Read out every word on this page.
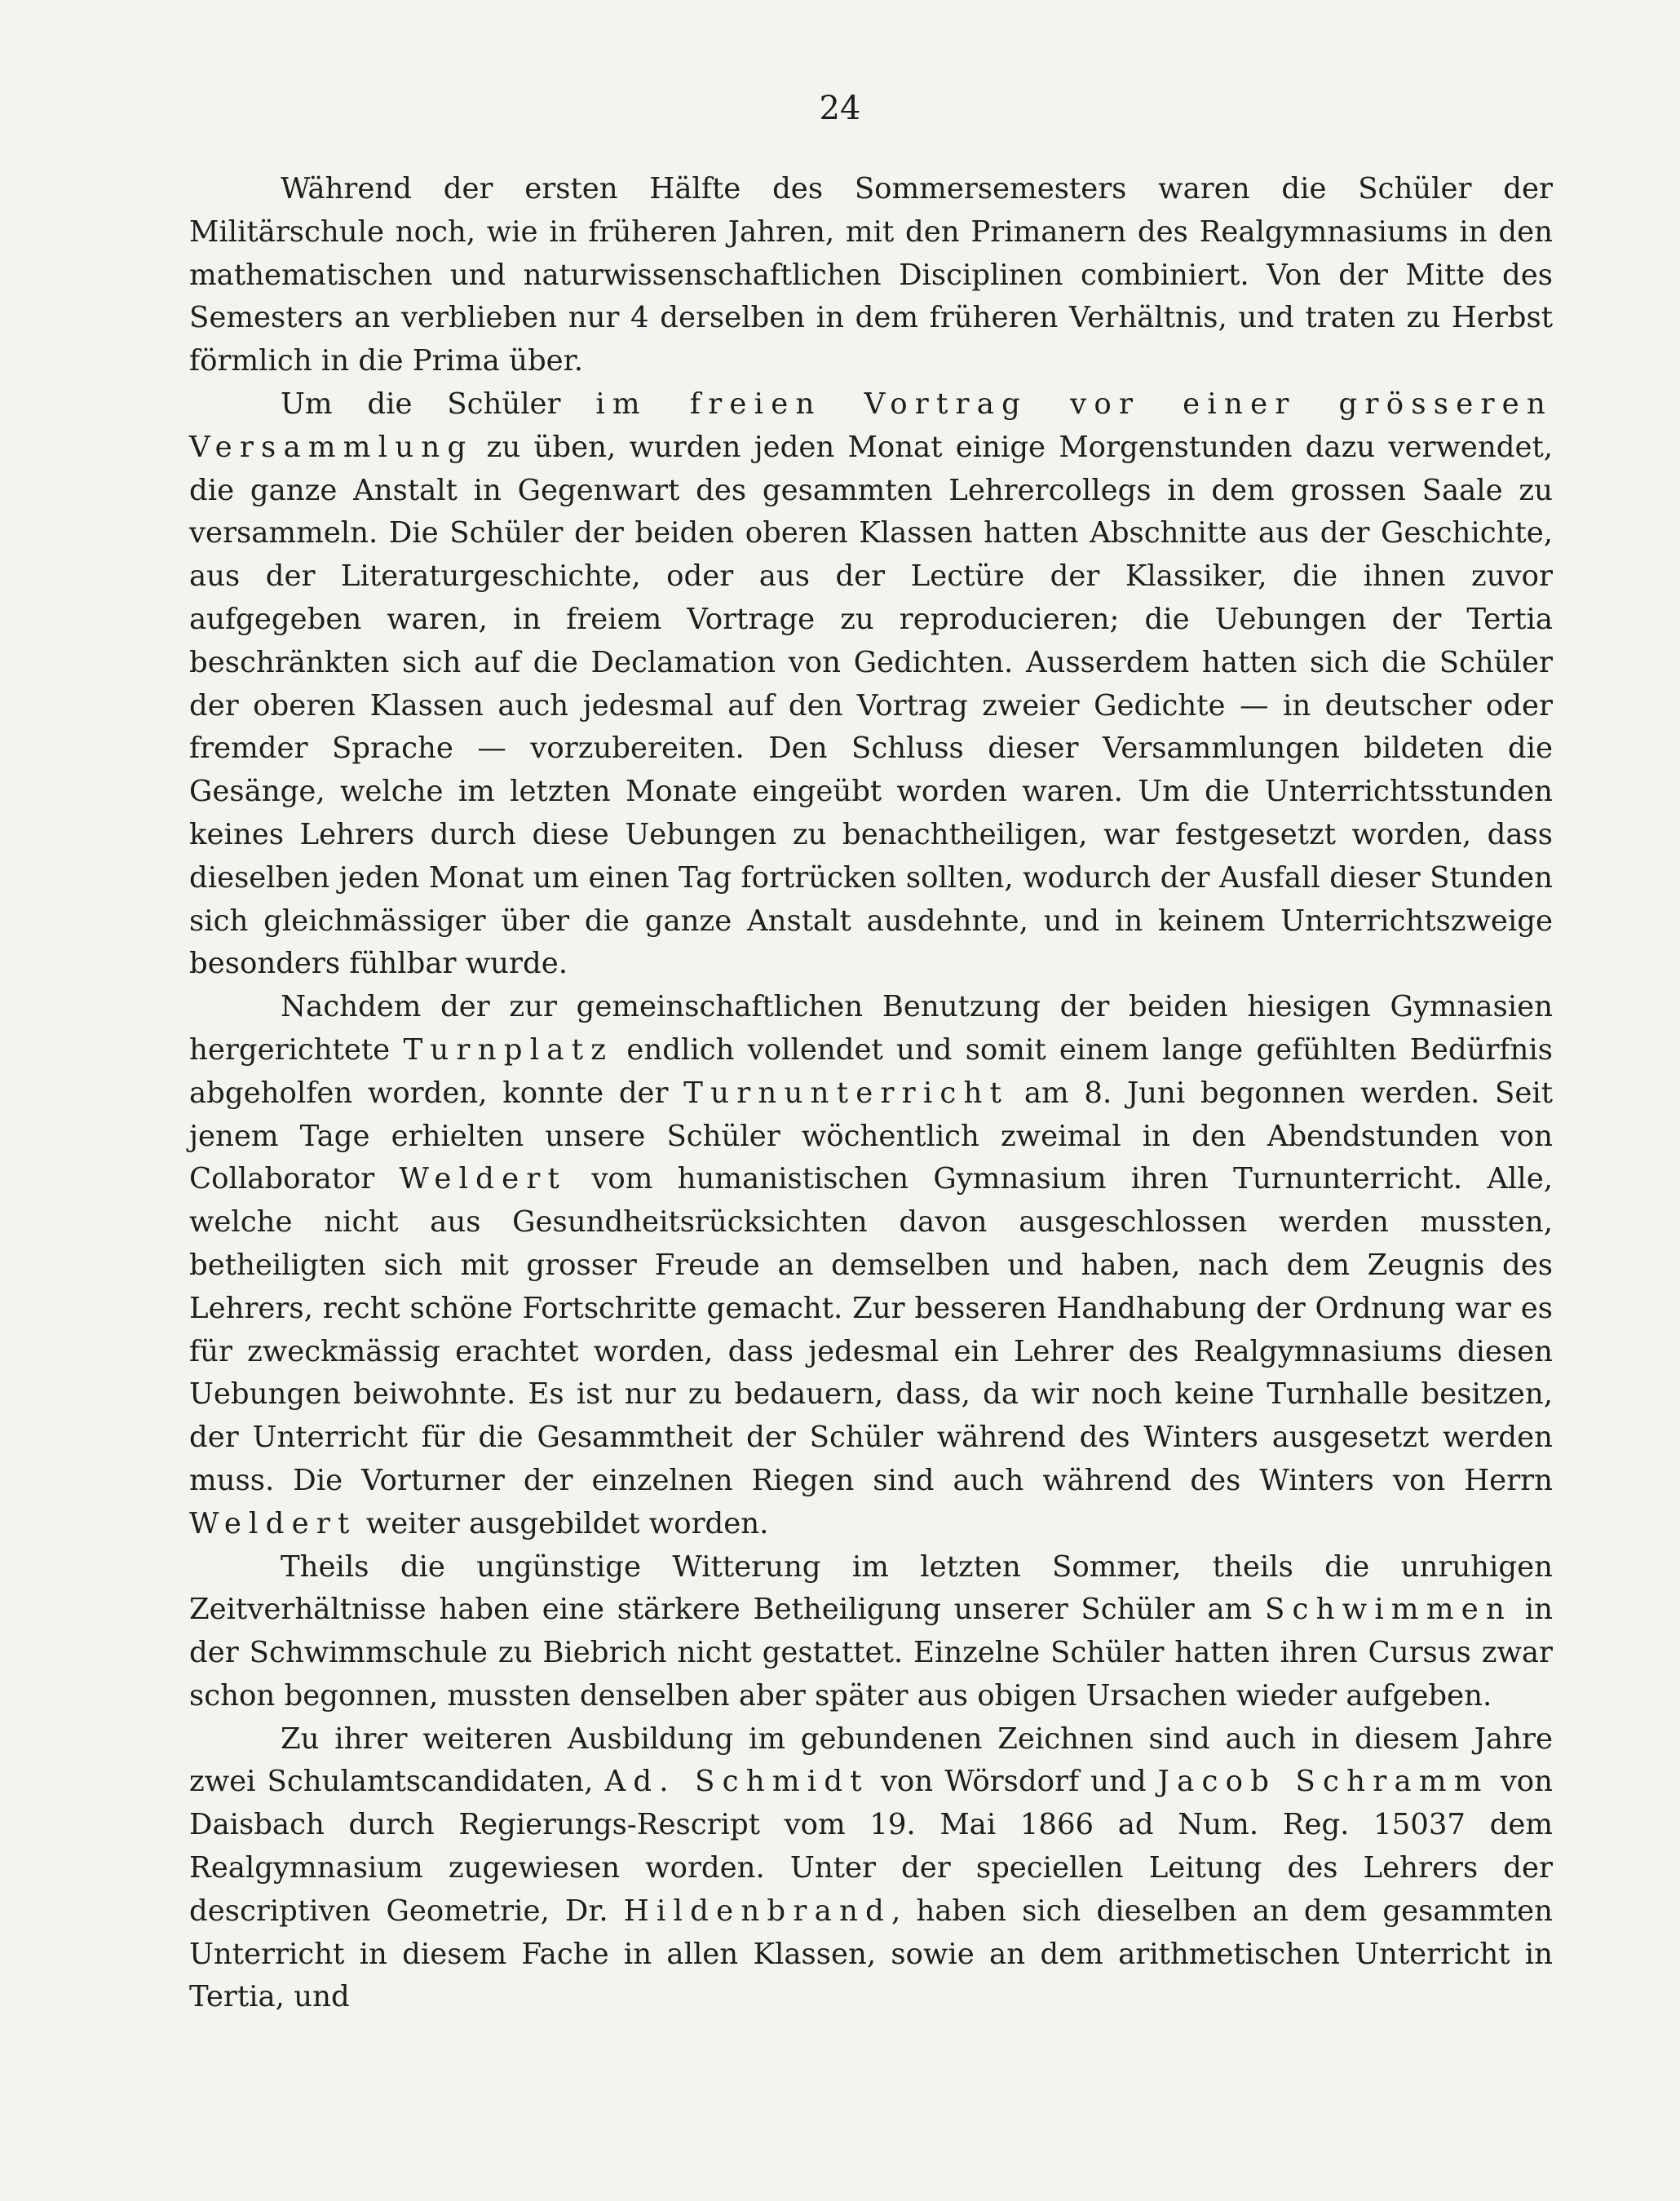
24

Während der ersten Hälfte des Sommersemesters waren die Schüler der Militärschule noch, wie in früheren Jahren, mit den Primanern des Realgymnasiums in den mathematischen und naturwissenschaftlichen Disciplinen combiniert. Von der Mitte des Semesters an verblieben nur 4 derselben in dem früheren Verhältnis, und traten zu Herbst förmlich in die Prima über.

Um die Schüler im freien Vortrag vor einer grösseren Versammlung zu üben, wurden jeden Monat einige Morgenstunden dazu verwendet, die ganze Anstalt in Gegenwart des gesammten Lehrercollegs in dem grossen Saale zu versammeln. Die Schüler der beiden oberen Klassen hatten Abschnitte aus der Geschichte, aus der Literaturgeschichte, oder aus der Lectüre der Klassiker, die ihnen zuvor aufgegeben waren, in freiem Vortrage zu reproducieren; die Uebungen der Tertia beschränkten sich auf die Declamation von Gedichten. Ausserdem hatten sich die Schüler der oberen Klassen auch jedesmal auf den Vortrag zweier Gedichte — in deutscher oder fremder Sprache — vorzubereiten. Den Schluss dieser Versammlungen bildeten die Gesänge, welche im letzten Monate eingeübt worden waren. Um die Unterrichtsstunden keines Lehrers durch diese Uebungen zu benachtheiligen, war festgesetzt worden, dass dieselben jeden Monat um einen Tag fortrücken sollten, wodurch der Ausfall dieser Stunden sich gleichmässiger über die ganze Anstalt ausdehnte, und in keinem Unterrichtszweige besonders fühlbar wurde.

Nachdem der zur gemeinschaftlichen Benutzung der beiden hiesigen Gymnasien hergerichtete Turnplatz endlich vollendet und somit einem lange gefühlten Bedürfnis abgeholfen worden, konnte der Turnunterricht am 8. Juni begonnen werden. Seit jenem Tage erhielten unsere Schüler wöchentlich zweimal in den Abendstunden von Collaborator Weldert vom humanistischen Gymnasium ihren Turnunterricht. Alle, welche nicht aus Gesundheitsrücksichten davon ausgeschlossen werden mussten, betheiligten sich mit grosser Freude an demselben und haben, nach dem Zeugnis des Lehrers, recht schöne Fortschritte gemacht. Zur besseren Handhabung der Ordnung war es für zweckmässig erachtet worden, dass jedesmal ein Lehrer des Realgymnasiums diesen Uebungen beiwohnte. Es ist nur zu bedauern, dass, da wir noch keine Turnhalle besitzen, der Unterricht für die Gesammtheit der Schüler während des Winters ausgesetzt werden muss. Die Vorturner der einzelnen Riegen sind auch während des Winters von Herrn Weldert weiter ausgebildet worden.

Theils die ungünstige Witterung im letzten Sommer, theils die unruhigen Zeitverhältnisse haben eine stärkere Betheiligung unserer Schüler am Schwimmen in der Schwimmschule zu Biebrich nicht gestattet. Einzelne Schüler hatten ihren Cursus zwar schon begonnen, mussten denselben aber später aus obigen Ursachen wieder aufgeben.

Zu ihrer weiteren Ausbildung im gebundenen Zeichnen sind auch in diesem Jahre zwei Schulamtscandidaten, Ad. Schmidt von Wörsdorf und Jacob Schramm von Daisbach durch Regierungs-Rescript vom 19. Mai 1866 ad Num. Reg. 15037 dem Realgymnasium zugewiesen worden. Unter der speciellen Leitung des Lehrers der descriptiven Geometrie, Dr. Hildenbrand, haben sich dieselben an dem gesammten Unterricht in diesem Fache in allen Klassen, sowie an dem arithmetischen Unterricht in Tertia, und
